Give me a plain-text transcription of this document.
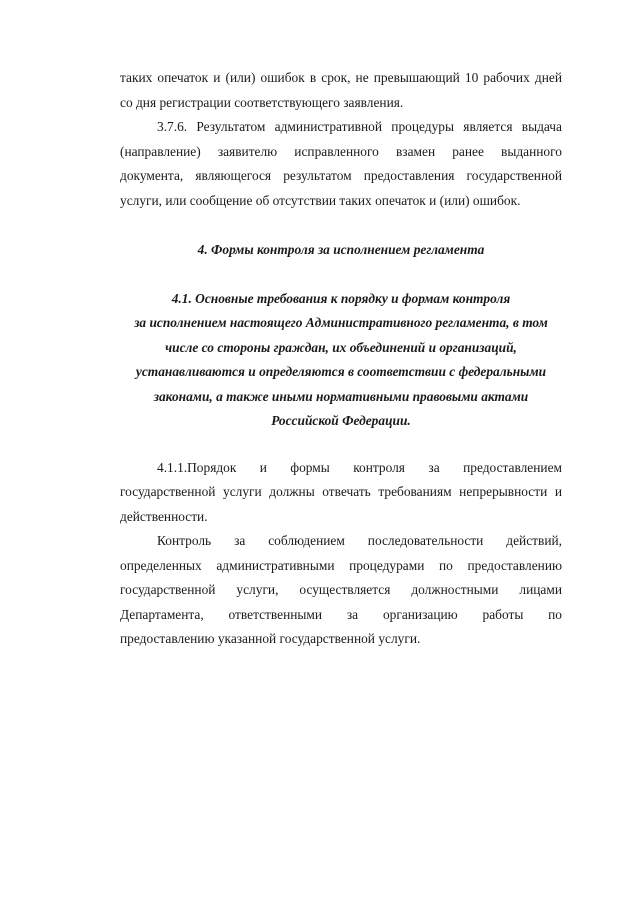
таких опечаток и (или) ошибок в срок, не превышающий 10 рабочих дней
со дня регистрации соответствующего заявления.
3.7.6. Результатом административной процедуры является выдача
(направление) заявителю исправленного взамен ранее выданного
документа, являющегося результатом предоставления государственной
услуги, или сообщение об отсутствии таких опечаток и (или) ошибок.
4. Формы контроля за исполнением регламента
4.1. Основные требования к порядку и формам контроля
за исполнением настоящего Административного регламента, в том
числе со стороны граждан, их объединений и организаций,
устанавливаются и определяются в соответствии с федеральными
законами, а также иными нормативными правовыми актами
Российской Федерации.
4.1.1.Порядок и формы контроля за предоставлением
государственной услуги должны отвечать требованиям непрерывности и
действенности.
Контроль за соблюдением последовательности действий,
определенных административными процедурами по предоставлению
государственной услуги, осуществляется должностными лицами
Департамента, ответственными за организацию работы по
предоставлению указанной государственной услуги.
